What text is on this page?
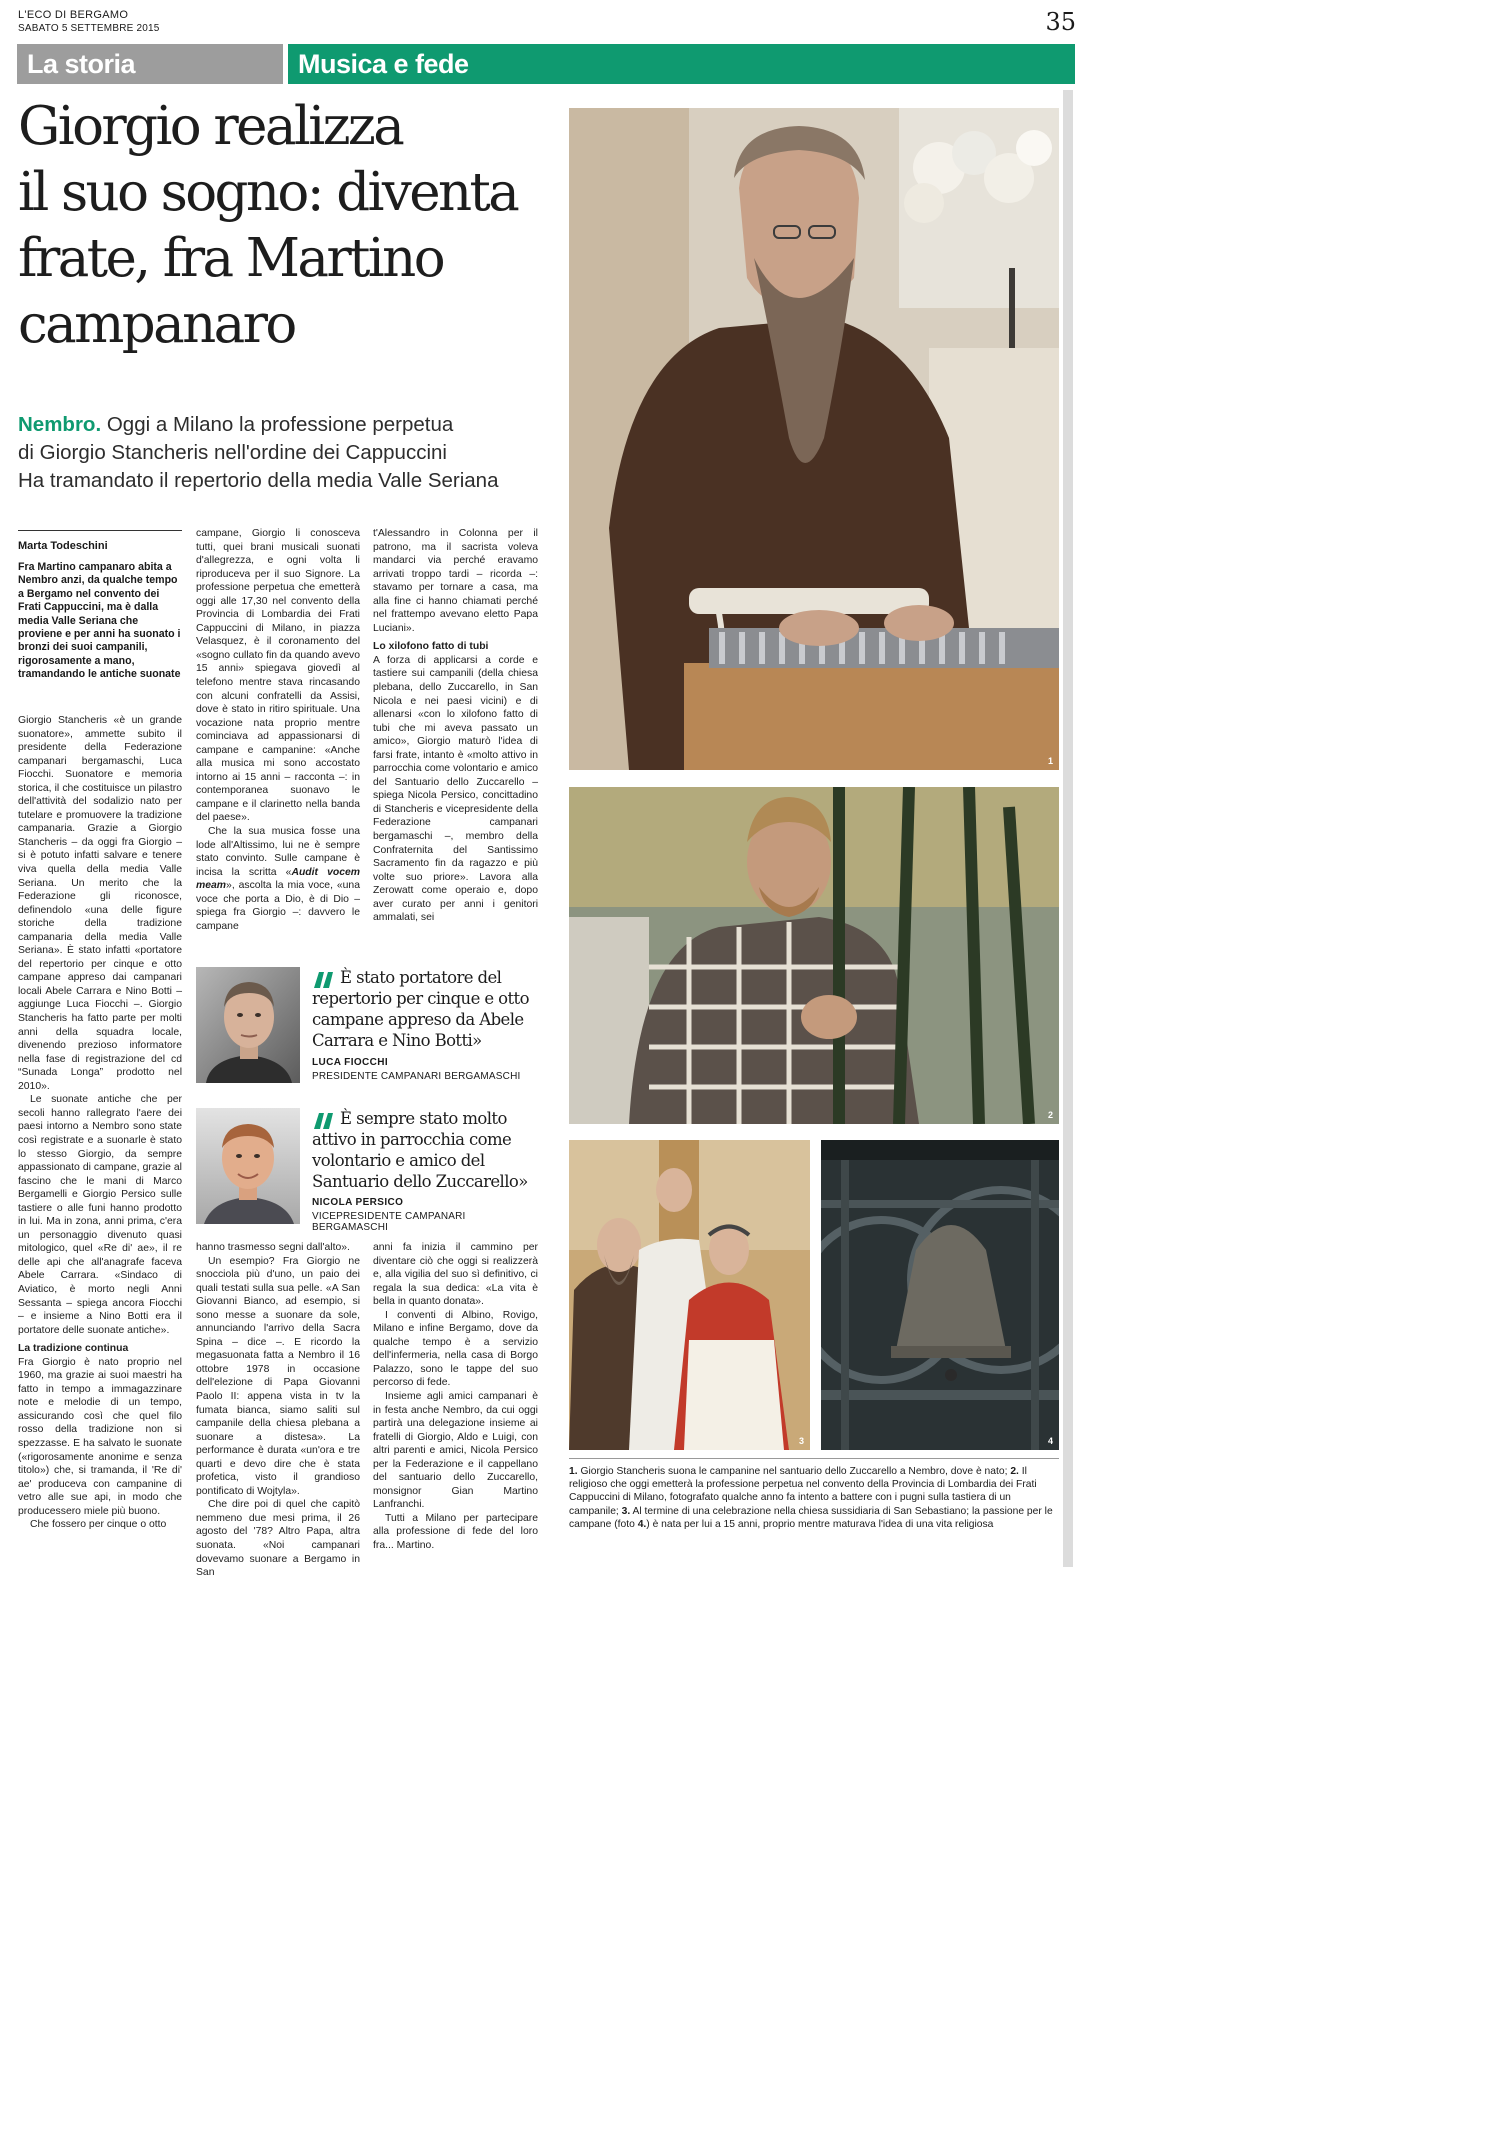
L'ECO DI BERGAMO
SABATO 5 SETTEMBRE 2015	35
La storia	Musica e fede
Giorgio realizza
il suo sogno: diventa
frate, fra Martino
campanaro
Nembro. Oggi a Milano la professione perpetua
di Giorgio Stancheris nell'ordine dei Cappuccini
Ha tramandato il repertorio della media Valle Seriana
Marta Todeschini
Fra Martino campanaro abita a Nembro anzi, da qualche tempo a Bergamo nel convento dei Frati Cappuccini, ma è dalla media Valle Seriana che proviene e per anni ha suonato i bronzi dei suoi campanili, rigorosamente a mano, tramandando le antiche suonate

Giorgio Stancheris «è un grande suonatore», ammette subito il presidente della Federazione campanari bergamaschi, Luca Fiocchi. Suonatore e memoria storica, il che costituisce un pilastro dell'attività del sodalizio nato per tutelare e promuovere la tradizione campanaria. Grazie a Giorgio Stancheris – da oggi fra Giorgio – si è potuto infatti salvare e tenere viva quella della media Valle Seriana. Un merito che la Federazione gli riconosce, definendolo «una delle figure storiche della tradizione campanaria della media Valle Seriana». È stato infatti «portatore del repertorio per cinque e otto campane appreso dai campanari locali Abele Carrara e Nino Botti – aggiunge Luca Fiocchi –. Giorgio Stancheris ha fatto parte per molti anni della squadra locale, divenendo prezioso informatore nella fase di registrazione del cd “Sunada Longa” prodotto nel 2010».

Le suonate antiche che per secoli hanno rallegrato l'aere dei paesi intorno a Nembro sono state così registrate e a suonarle è stato lo stesso Giorgio, da sempre appassionato di campane, grazie al fascino che le mani di Marco Bergamelli e Giorgio Persico sulle tastiere o alle funi hanno prodotto in lui. Ma in zona, anni prima, c'era un personaggio divenuto quasi mitologico, quel «Re di' ae», il re delle api che all'anagrafe faceva Abele Carrara. «Sindaco di Aviatico, è morto negli Anni Sessanta – spiega ancora Fiocchi – e insieme a Nino Botti era il portatore delle suonate antiche».

La tradizione continua

Fra Giorgio è nato proprio nel 1960, ma grazie ai suoi maestri ha fatto in tempo a immagazzinare note e melodie di un tempo, assicurando così che quel filo rosso della tradizione non si spezzasse. E ha salvato le suonate («rigorosamente anonime e senza titolo») che, si tramanda, il 'Re di' ae' produceva con campanine di vetro alle sue api, in modo che producessero miele più buono.

Che fossero per cinque o otto

campane, Giorgio li conosceva tutti, quei brani musicali suonati d'allegrezza, e ogni volta li riproduceva per il suo Signore. La professione perpetua che emetterà oggi alle 17,30 nel convento della Provincia di Lombardia dei Frati Cappuccini di Milano, in piazza Velasquez, è il coronamento del «sogno cullato fin da quando avevo 15 anni» spiegava giovedì al telefono mentre stava rincasando con alcuni confratelli da Assisi, dove è stato in ritiro spirituale. Una vocazione nata proprio mentre cominciava ad appassionarsi di campane e campanine: «Anche alla musica mi sono accostato intorno ai 15 anni – racconta –: in contemporanea suonavo le campane e il clarinetto nella banda del paese».

Che la sua musica fosse una lode all'Altissimo, lui ne è sempre stato convinto. Sulle campane è incisa la scritta «Audit vocem meam», ascolta la mia voce, «una voce che porta a Dio, è di Dio – spiega fra Giorgio –: davvero le campane

t'Alessandro in Colonna per il patrono, ma il sacrista voleva mandarci via perché eravamo arrivati troppo tardi – ricorda –: stavamo per tornare a casa, ma alla fine ci hanno chiamati perché nel frattempo avevano eletto Papa Luciani».

Lo xilofono fatto di tubi

A forza di applicarsi a corde e tastiere sui campanili (della chiesa plebana, dello Zuccarello, in San Nicola e nei paesi vicini) e di allenarsi «con lo xilofono fatto di tubi che mi aveva passato un amico», Giorgio maturò l'idea di farsi frate, intanto è «molto attivo in parrocchia come volontario e amico del Santuario dello Zuccarello – spiega Nicola Persico, concittadino di Stancheris e vicepresidente della Federazione campanari bergamaschi –, membro della Confraternita del Santissimo Sacramento fin da ragazzo e più volte suo priore». Lavora alla Zerowatt come operaio e, dopo aver curato per anni i genitori ammalati, sei

È stato portatore del repertorio per cinque e otto campane appreso da Abele Carrara e Nino Botti»
LUCA FIOCCHI
PRESIDENTE CAMPANARI BERGAMASCHI
È sempre stato molto attivo in parrocchia come volontario e amico del Santuario dello Zuccarello»
NICOLA PERSICO
VICEPRESIDENTE CAMPANARI BERGAMASCHI

hanno trasmesso segni dall'alto».

Un esempio? Fra Giorgio ne snocciola più d'uno, un paio dei quali testati sulla sua pelle. «A San Giovanni Bianco, ad esempio, si sono messe a suonare da sole, annunciando l'arrivo della Sacra Spina – dice –. E ricordo la megasuonata fatta a Nembro il 16 ottobre 1978 in occasione dell'elezione di Papa Giovanni Paolo II: appena vista in tv la fumata bianca, siamo saliti sul campanile della chiesa plebana a suonare a distesa». La performance è durata «un'ora e tre quarti e devo dire che è stata profetica, visto il grandioso pontificato di Wojtyla».

Che dire poi di quel che capitò nemmeno due mesi prima, il 26 agosto del '78? Altro Papa, altra suonata. «Noi campanari dovevamo suonare a Bergamo in San

anni fa inizia il cammino per diventare ciò che oggi si realizzerà e, alla vigilia del suo sì definitivo, ci regala la sua dedica: «La vita è bella in quanto donata».

I conventi di Albino, Rovigo, Milano e infine Bergamo, dove da qualche tempo è a servizio dell'infermeria, nella casa di Borgo Palazzo, sono le tappe del suo percorso di fede.

Insieme agli amici campanari è in festa anche Nembro, da cui oggi partirà una delegazione insieme ai fratelli di Giorgio, Aldo e Luigi, con altri parenti e amici, Nicola Persico per la Federazione e il cappellano del santuario dello Zuccarello, monsignor Gian Martino Lanfranchi.

Tutti a Milano per partecipare alla professione di fede del loro fra... Martino.

1
2
3	4
1. Giorgio Stancheris suona le campanine nel santuario dello Zuccarello a Nembro, dove è nato; 2. Il religioso che oggi emetterà la professione perpetua nel convento della Provincia di Lombardia dei Frati Cappuccini di Milano, fotografato qualche anno fa intento a battere con i pugni sulla tastiera di un campanile; 3. Al termine di una celebrazione nella chiesa sussidiaria di San Sebastiano; la passione per le campane (foto 4.) è nata per lui a 15 anni, proprio mentre maturava l'idea di una vita religiosa
